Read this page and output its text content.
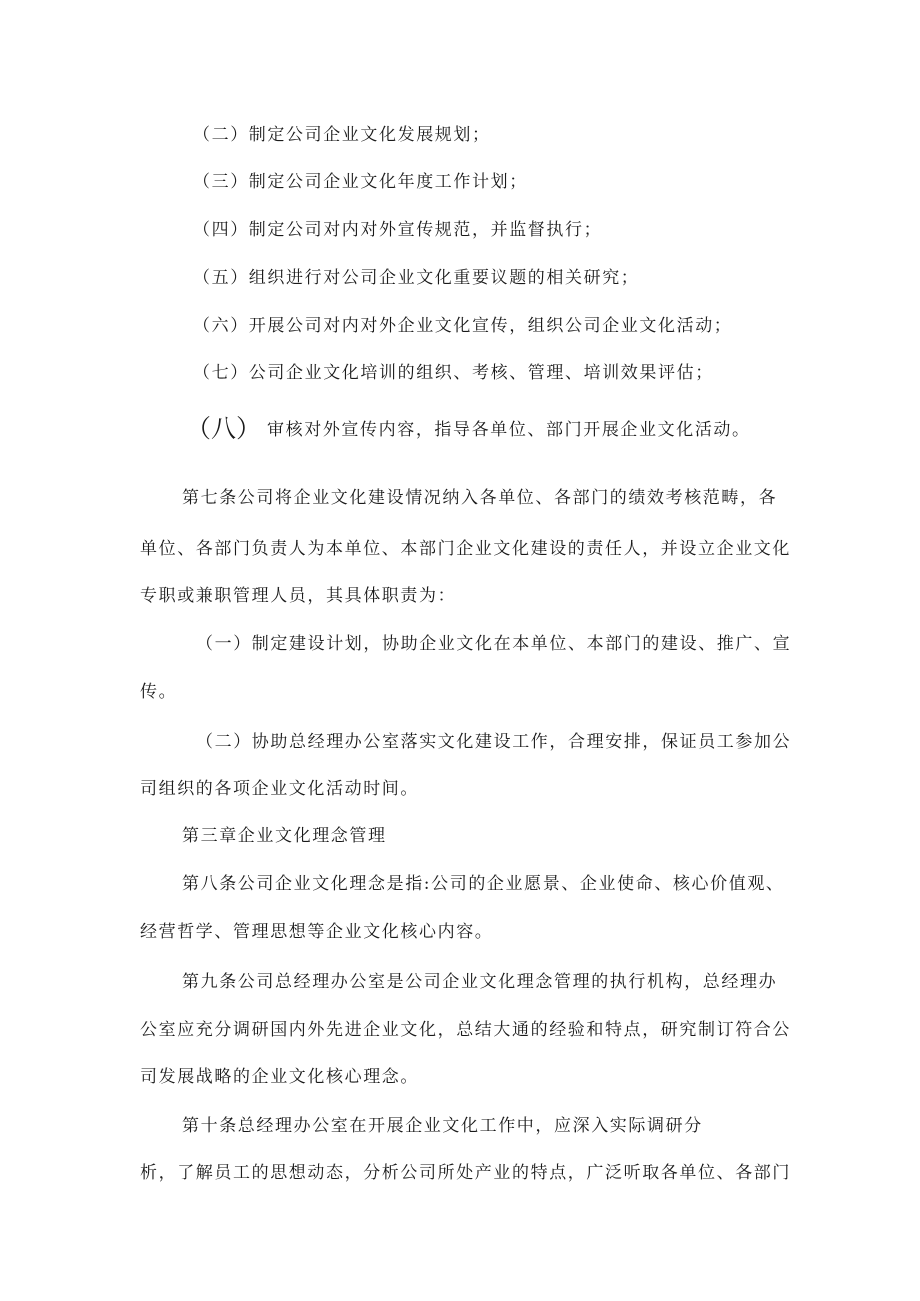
（二）制定公司企业文化发展规划；
（三）制定公司企业文化年度工作计划；
（四）制定公司对内对外宣传规范，并监督执行；
（五）组织进行对公司企业文化重要议题的相关研究；
（六）开展公司对内对外企业文化宣传，组织公司企业文化活动；
（七）公司企业文化培训的组织、考核、管理、培训效果评估；
（八） 审核对外宣传内容，指导各单位、部门开展企业文化活动。
第七条公司将企业文化建设情况纳入各单位、各部门的绩效考核范畴，各
单位、各部门负责人为本单位、本部门企业文化建设的责任人，并设立企业文化
专职或兼职管理人员，其具体职责为：
（一）制定建设计划，协助企业文化在本单位、本部门的建设、推广、宣
传。
（二）协助总经理办公室落实文化建设工作，合理安排，保证员工参加公
司组织的各项企业文化活动时间。
第三章企业文化理念管理
第八条公司企业文化理念是指:公司的企业愿景、企业使命、核心价值观、
经营哲学、管理思想等企业文化核心内容。
第九条公司总经理办公室是公司企业文化理念管理的执行机构，总经理办
公室应充分调研国内外先进企业文化，总结大通的经验和特点，研究制订符合公
司发展战略的企业文化核心理念。
第十条总经理办公室在开展企业文化工作中，应深入实际调研分
析，了解员工的思想动态，分析公司所处产业的特点，广泛听取各单位、各部门
